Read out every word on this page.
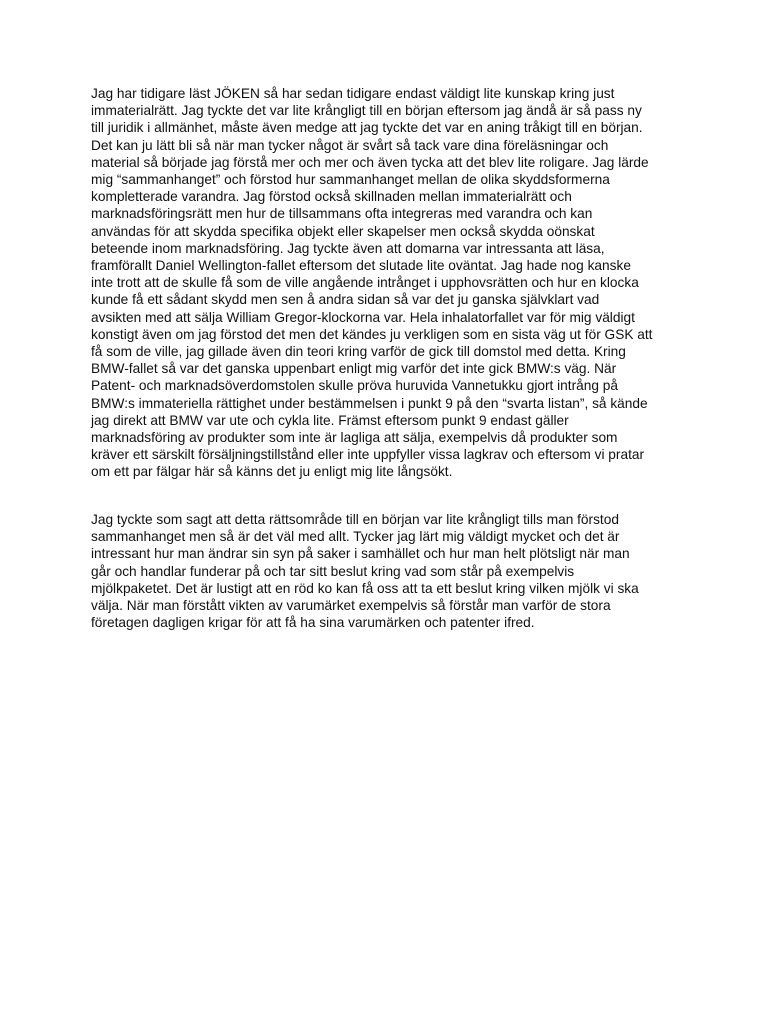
Jag har tidigare läst JÖKEN så har sedan tidigare endast väldigt lite kunskap kring just
immaterialrätt. Jag tyckte det var lite krångligt till en början eftersom jag ändå är så pass ny
till juridik i allmänhet, måste även medge att jag tyckte det var en aning tråkigt till en början.
Det kan ju lätt bli så när man tycker något är svårt så tack vare dina föreläsningar och
material så började jag förstå mer och mer och även tycka att det blev lite roligare. Jag lärde
mig “sammanhanget” och förstod hur sammanhanget mellan de olika skyddsformerna
kompletterade varandra. Jag förstod också skillnaden mellan immaterialrätt och
marknadsföringsrätt men hur de tillsammans ofta integreras med varandra och kan
användas för att skydda specifika objekt eller skapelser men också skydda oönskat
beteende inom marknadsföring. Jag tyckte även att domarna var intressanta att läsa,
framförallt Daniel Wellington-fallet eftersom det slutade lite oväntat. Jag hade nog kanske
inte trott att de skulle få som de ville angående intrånget i upphovsrätten och hur en klocka
kunde få ett sådant skydd men sen å andra sidan så var det ju ganska självklart vad
avsikten med att sälja William Gregor-klockorna var. Hela inhalatorfallet var för mig väldigt
konstigt även om jag förstod det men det kändes ju verkligen som en sista väg ut för GSK att
få som de ville, jag gillade även din teori kring varför de gick till domstol med detta. Kring
BMW-fallet så var det ganska uppenbart enligt mig varför det inte gick BMW:s väg. När
Patent- och marknadsöverdomstolen skulle pröva huruvida Vannetukku gjort intrång på
BMW:s immateriella rättighet under bestämmelsen i punkt 9 på den “svarta listan”, så kände
jag direkt att BMW var ute och cykla lite. Främst eftersom punkt 9 endast gäller
marknadsföring av produkter som inte är lagliga att sälja, exempelvis då produkter som
kräver ett särskilt försäljningstillstånd eller inte uppfyller vissa lagkrav och eftersom vi pratar
om ett par fälgar här så känns det ju enligt mig lite långsökt.
Jag tyckte som sagt att detta rättsområde till en början var lite krångligt tills man förstod
sammanhanget men så är det väl med allt. Tycker jag lärt mig väldigt mycket och det är
intressant hur man ändrar sin syn på saker i samhället och hur man helt plötsligt när man
går och handlar funderar på och tar sitt beslut kring vad som står på exempelvis
mjölkpaketet. Det är lustigt att en röd ko kan få oss att ta ett beslut kring vilken mjölk vi ska
välja. När man förstått vikten av varumärket exempelvis så förstår man varför de stora
företagen dagligen krigar för att få ha sina varumärken och patenter ifred.
